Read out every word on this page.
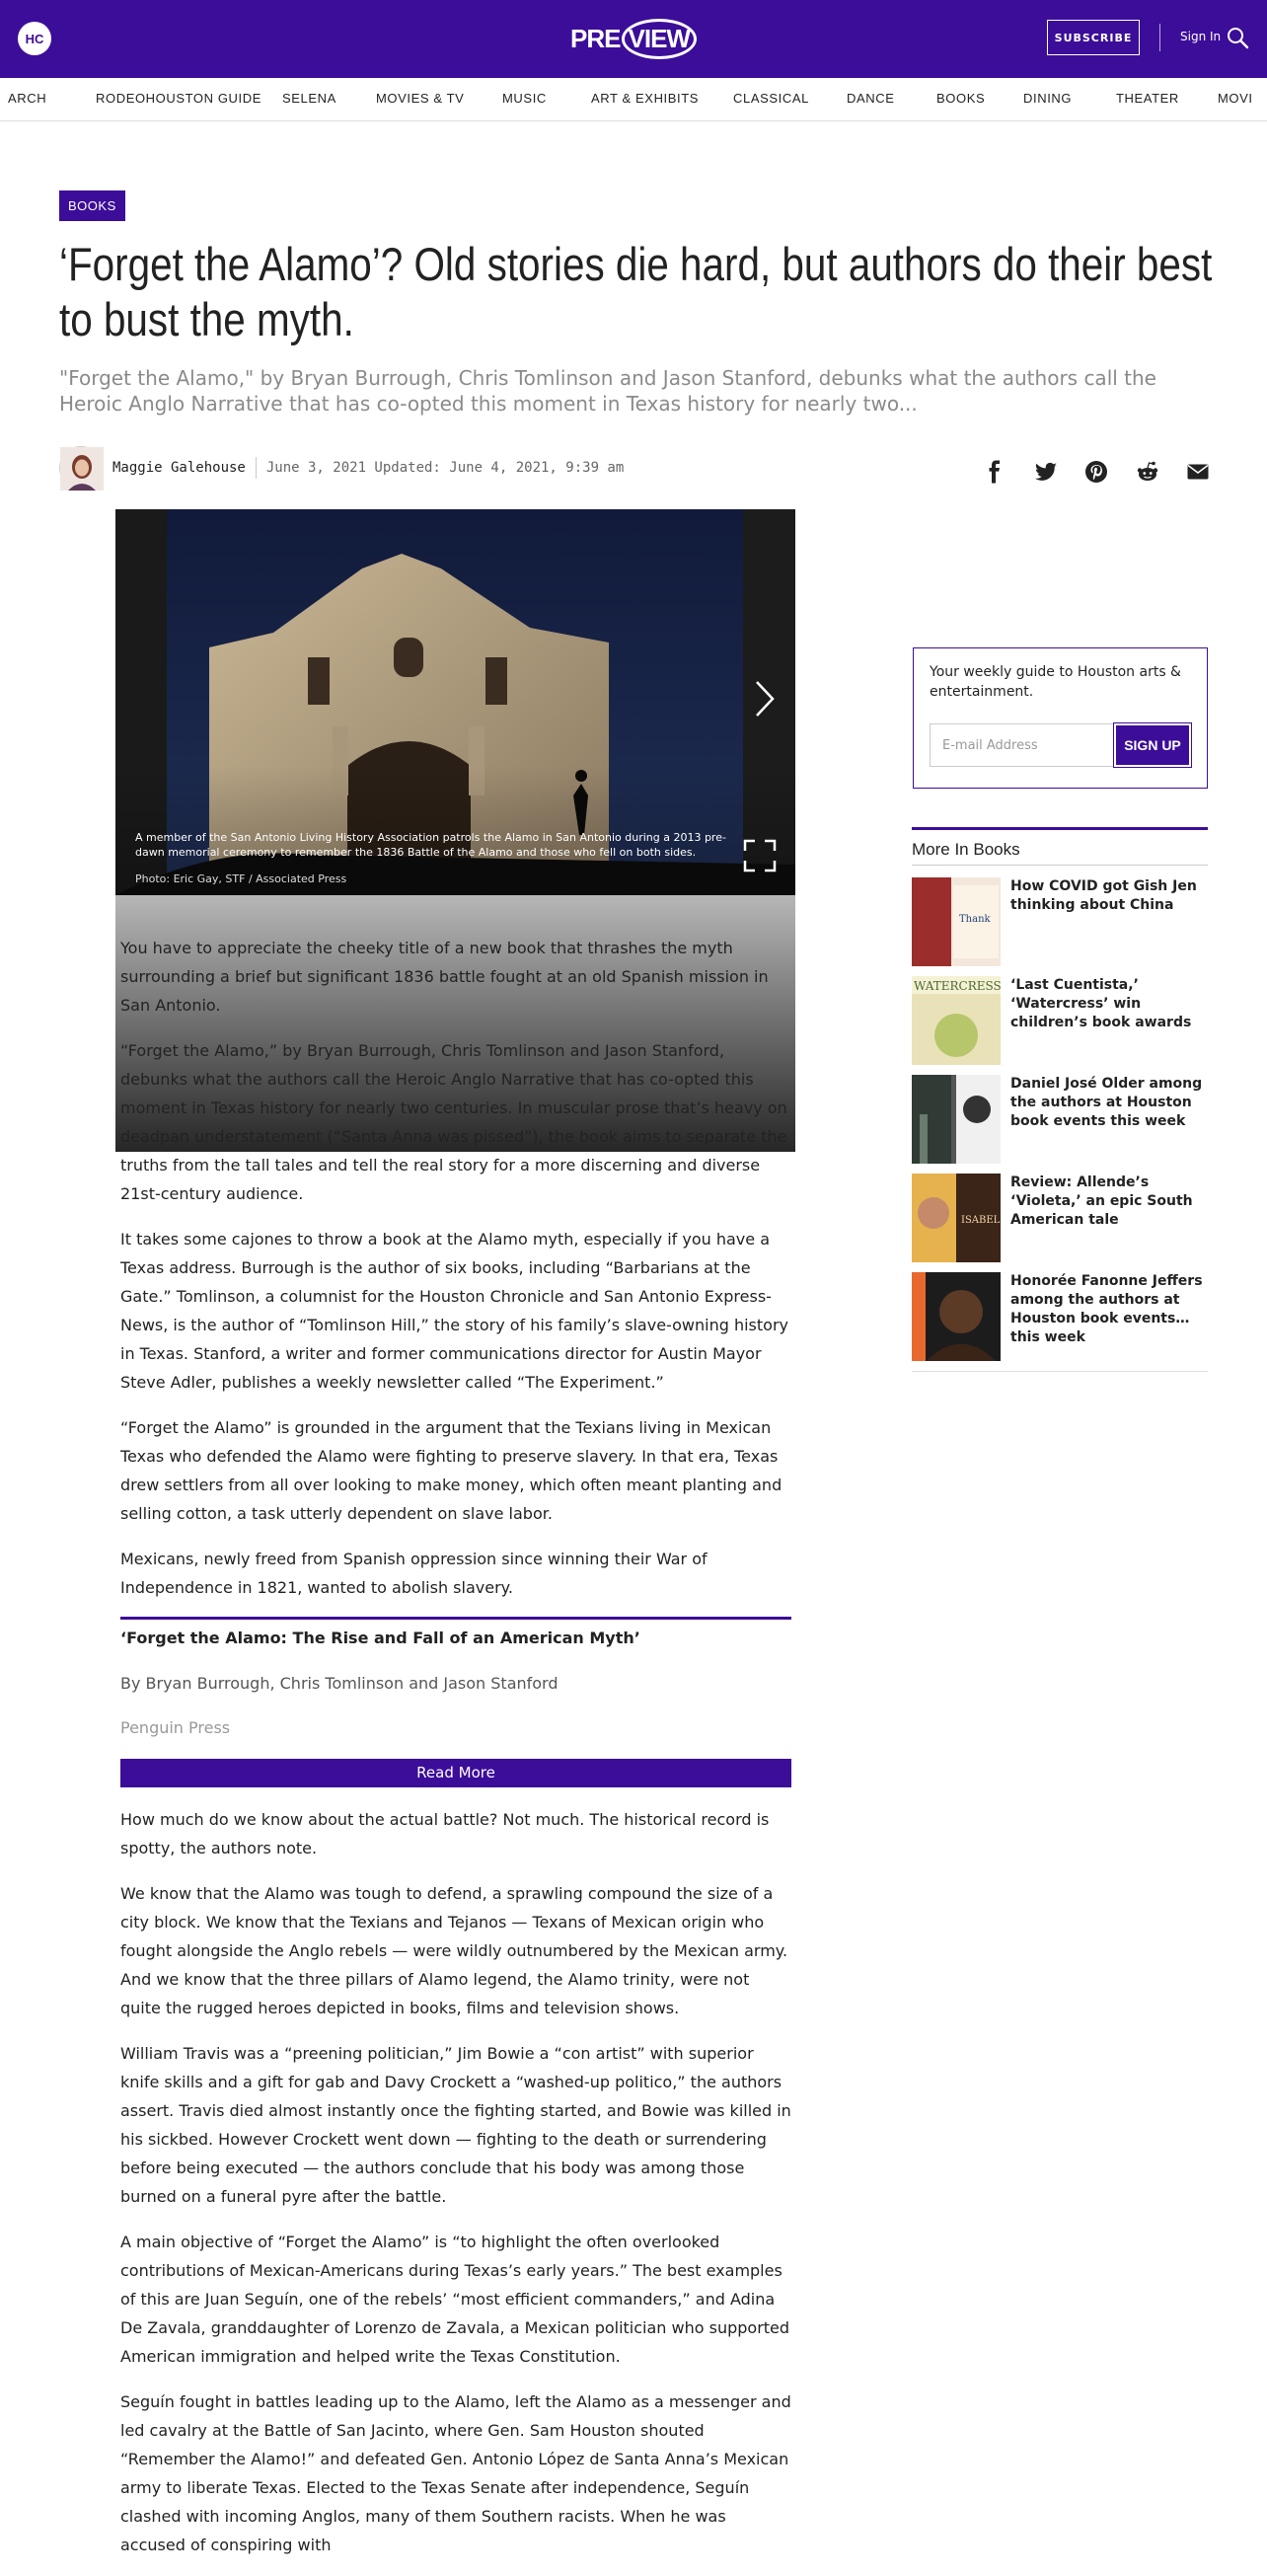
HC	PRE VIEW	SUBSCRIBE	Sign In
ARCH	RODEOHOUSTON GUIDE SELENA	MOVIES & TV	MUSIC	ART & EXHIBITS	CLASSICAL	DANCE	BOOKS	DINING	THEATER	MOVI
BOOKS
‘Forget the Alamo’? Old stories die hard, but authors do their best to bust the myth.
"Forget the Alamo," by Bryan Burrough, Chris Tomlinson and Jason Stanford, debunks what the authors call the Heroic Anglo Narrative that has co-opted this moment in Texas history for nearly two...
Maggie Galehouse June 3, 2021 Updated: June 4, 2021, 9:39 am
A member of the San Antonio Living History Association patrols the Alamo in San Antonio during a 2013 pre-dawn memorial ceremony to remember the 1836 Battle of the Alamo and those who fell on both sides.
Photo: Eric Gay, STF / Associated Press

You have to appreciate the cheeky title of a new book that thrashes the myth surrounding a brief but significant 1836 battle fought at an old Spanish mission in San Antonio.

“Forget the Alamo,” by Bryan Burrough, Chris Tomlinson and Jason Stanford, debunks what the authors call the Heroic Anglo Narrative that has co-opted this moment in Texas history for nearly two centuries. In muscular prose that’s heavy on deadpan understatement (“Santa Anna was pissed”), the book aims to separate the truths from the tall tales and tell the real story for a more discerning and diverse 21st-century audience.

It takes some cajones to throw a book at the Alamo myth, especially if you have a Texas address. Burrough is the author of six books, including “Barbarians at the Gate.” Tomlinson, a columnist for the Houston Chronicle and San Antonio Express-News, is the author of “Tomlinson Hill,” the story of his family’s slave-owning history in Texas. Stanford, a writer and former communications director for Austin Mayor Steve Adler, publishes a weekly newsletter called “The Experiment.”

“Forget the Alamo” is grounded in the argument that the Texians living in Mexican Texas who defended the Alamo were fighting to preserve slavery. In that era, Texas drew settlers from all over looking to make money, which often meant planting and selling cotton, a task utterly dependent on slave labor.

Mexicans, newly freed from Spanish oppression since winning their War of Independence in 1821, wanted to abolish slavery.

‘Forget the Alamo: The Rise and Fall of an American Myth’
By Bryan Burrough, Chris Tomlinson and Jason Stanford
Penguin Press
Read More

How much do we know about the actual battle? Not much. The historical record is spotty, the authors note.

We know that the Alamo was tough to defend, a sprawling compound the size of a city block. We know that the Texians and Tejanos — Texans of Mexican origin who fought alongside the Anglo rebels — were wildly outnumbered by the Mexican army. And we know that the three pillars of Alamo legend, the Alamo trinity, were not quite the rugged heroes depicted in books, films and television shows.

William Travis was a “preening politician,” Jim Bowie a “con artist” with superior knife skills and a gift for gab and Davy Crockett a “washed-up politico,” the authors assert. Travis died almost instantly once the fighting started, and Bowie was killed in his sickbed. However Crockett went down — fighting to the death or surrendering before being executed — the authors conclude that his body was among those burned on a funeral pyre after the battle.

A main objective of “Forget the Alamo” is “to highlight the often overlooked contributions of Mexican-Americans during Texas’s early years.” The best examples of this are Juan Seguín, one of the rebels’ “most efficient commanders,” and Adina De Zavala, granddaughter of Lorenzo de Zavala, a Mexican politician who supported American immigration and helped write the Texas Constitution.

Seguín fought in battles leading up to the Alamo, left the Alamo as a messenger and led cavalry at the Battle of San Jacinto, where Gen. Sam Houston shouted “Remember the Alamo!” and defeated Gen. Antonio López de Santa Anna’s Mexican army to liberate Texas. Elected to the Texas Senate after independence, Seguín clashed with incoming Anglos, many of them Southern racists. When he was accused of conspiring with

Your weekly guide to Houston arts & entertainment.
E-mail Address	SIGN UP
More In Books
Thank
How COVID got Gish Jen thinking about China
WATERCRESS ‘Last Cuentista,’ ‘Watercress’ win children’s book awards
Daniel José Older among the authors at Houston book events this week
ISABEL
Review: Allende’s ‘Violeta,’ an epic South American tale
Honorée Fanonne Jeffers among the authors at Houston book events this week
